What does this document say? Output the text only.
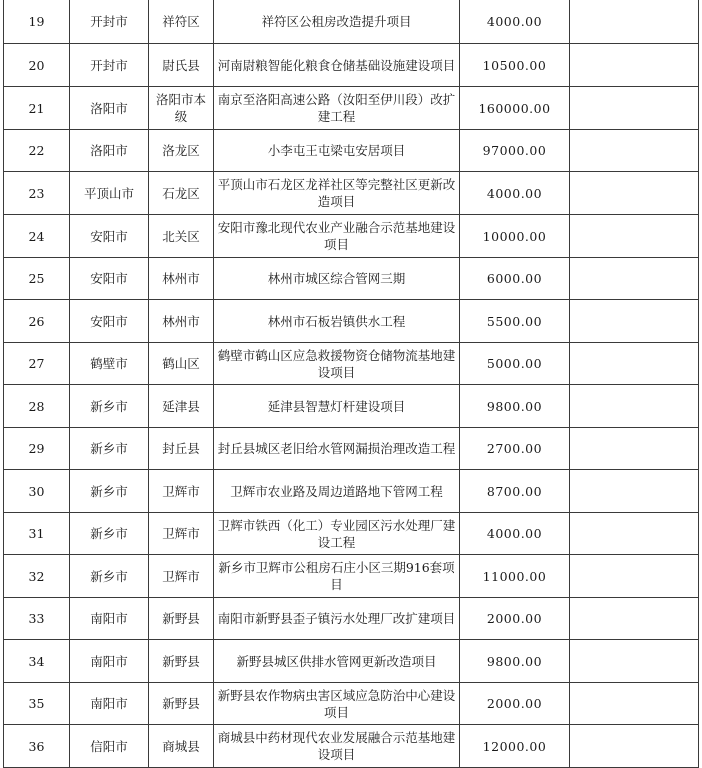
19	开封市	祥符区	祥符区公租房改造提升项目	4000.00	
20	开封市	尉氏县	河南尉粮智能化粮食仓储基础设施建设项目	10500.00	
21	洛阳市	洛阳市本级	南京至洛阳高速公路（汝阳至伊川段）改扩建工程	160000.00	
22	洛阳市	洛龙区	小李屯王屯梁屯安居项目	97000.00	
23	平顶山市	石龙区	平顶山市石龙区龙祥社区等完整社区更新改造项目	4000.00	
24	安阳市	北关区	安阳市豫北现代农业产业融合示范基地建设项目	10000.00	
25	安阳市	林州市	林州市城区综合管网三期	6000.00	
26	安阳市	林州市	林州市石板岩镇供水工程	5500.00	
27	鹤壁市	鹤山区	鹤壁市鹤山区应急救援物资仓储物流基地建设项目	5000.00	
28	新乡市	延津县	延津县智慧灯杆建设项目	9800.00	
29	新乡市	封丘县	封丘县城区老旧给水管网漏损治理改造工程	2700.00	
30	新乡市	卫辉市	卫辉市农业路及周边道路地下管网工程	8700.00	
31	新乡市	卫辉市	卫辉市铁西（化工）专业园区污水处理厂建设工程	4000.00	
32	新乡市	卫辉市	新乡市卫辉市公租房石庄小区三期916套项目	11000.00	
33	南阳市	新野县	南阳市新野县歪子镇污水处理厂改扩建项目	2000.00	
34	南阳市	新野县	新野县城区供排水管网更新改造项目	9800.00	
35	南阳市	新野县	新野县农作物病虫害区域应急防治中心建设项目	2000.00	
36	信阳市	商城县	商城县中药材现代农业发展融合示范基地建设项目	12000.00	
